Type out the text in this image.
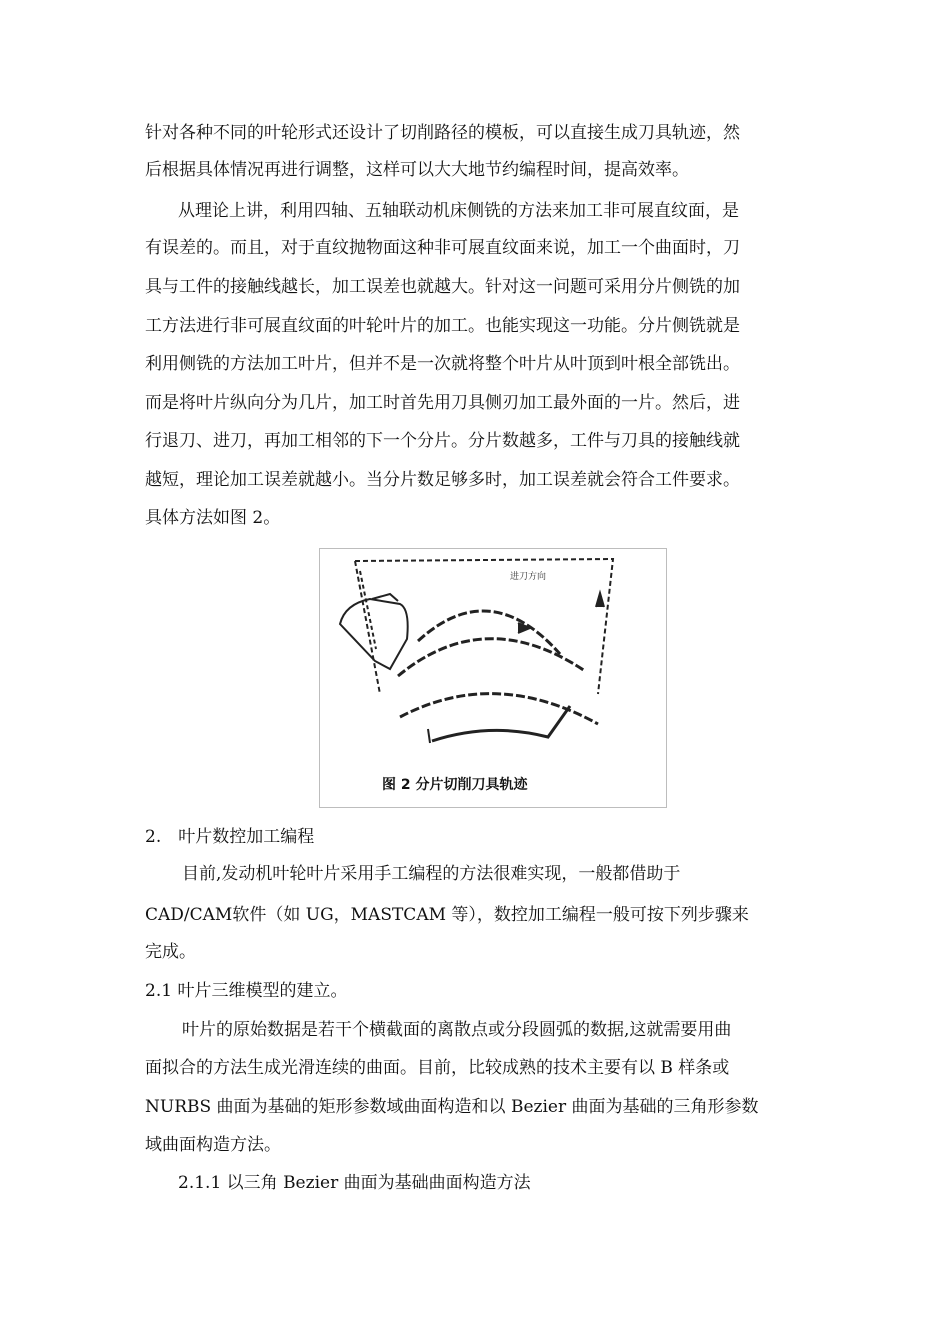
针对各种不同的叶轮形式还设计了切削路径的模板，可以直接生成刀具轨迹，然
后根据具体情况再进行调整，这样可以大大地节约编程时间，提高效率。
从理论上讲，利用四轴、五轴联动机床侧铣的方法来加工非可展直纹面，是
有误差的。而且，对于直纹抛物面这种非可展直纹面来说，加工一个曲面时，刀
具与工件的接触线越长，加工误差也就越大。针对这一问题可采用分片侧铣的加
工方法进行非可展直纹面的叶轮叶片的加工。也能实现这一功能。分片侧铣就是
利用侧铣的方法加工叶片，但并不是一次就将整个叶片从叶顶到叶根全部铣出。
而是将叶片纵向分为几片，加工时首先用刀具侧刃加工最外面的一片。然后，进
行退刀、进刀，再加工相邻的下一个分片。分片数越多，工件与刀具的接触线就
越短，理论加工误差就越小。当分片数足够多时，加工误差就会符合工件要求。
具体方法如图 2。
进刀方向
图 2 分片切削刀具轨迹
2.　叶片数控加工编程
目前,发动机叶轮叶片采用手工编程的方法很难实现，一般都借助于
CAD/CAM软件（如 UG，MASTCAM 等），数控加工编程一般可按下列步骤来
完成。
2.1 叶片三维模型的建立。
叶片的原始数据是若干个横截面的离散点或分段圆弧的数据,这就需要用曲
面拟合的方法生成光滑连续的曲面。目前，比较成熟的技术主要有以 B 样条或
NURBS 曲面为基础的矩形参数域曲面构造和以 Bezier 曲面为基础的三角形参数
域曲面构造方法。
2.1.1 以三角 Bezier 曲面为基础曲面构造方法
